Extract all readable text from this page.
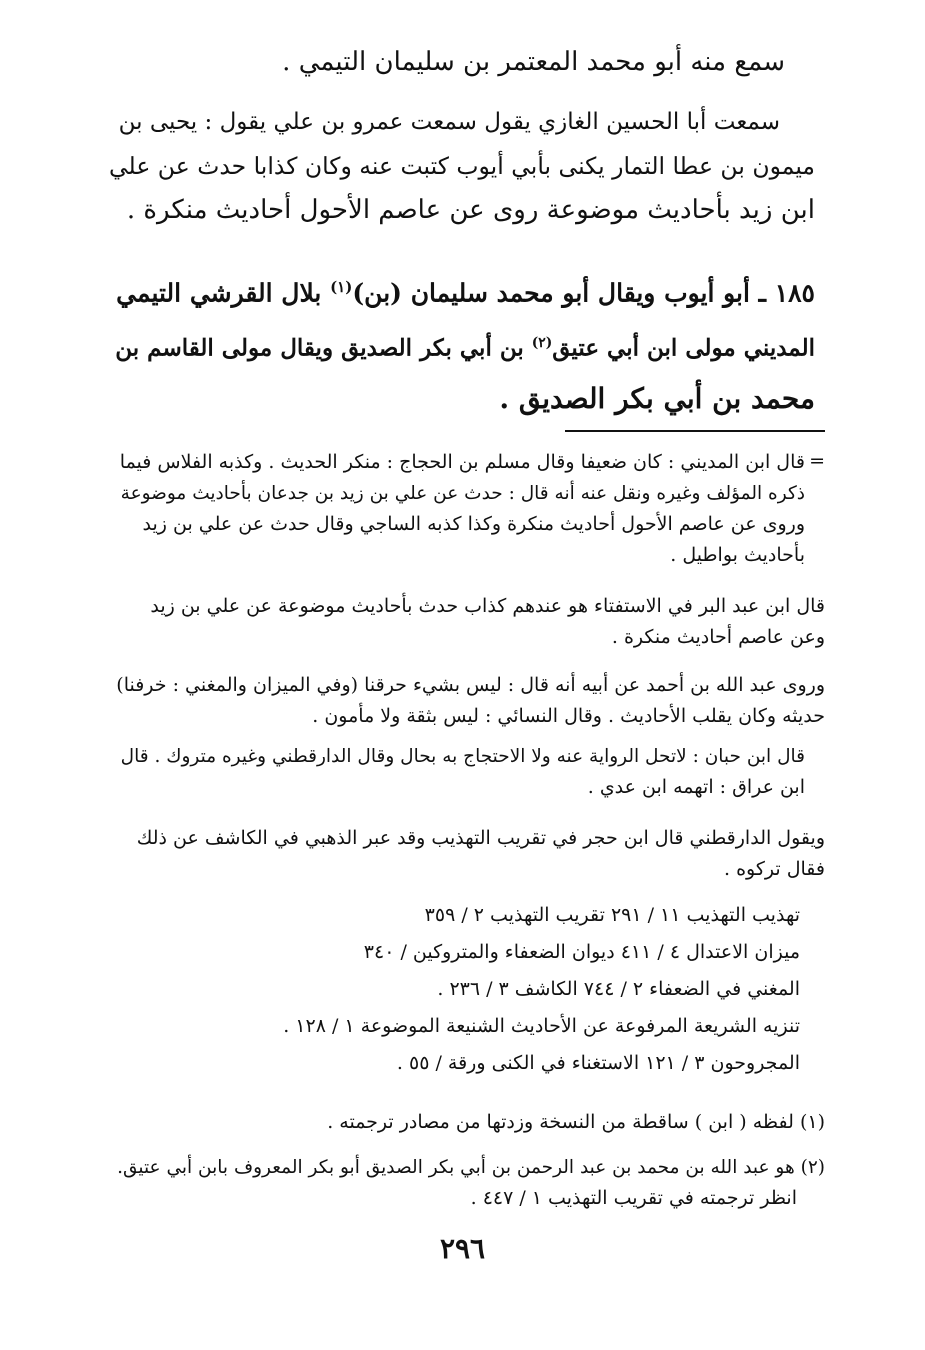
سمع منه أبو محمد المعتمر بن سليمان التيمي .
سمعت أبا الحسين الغازي يقول سمعت عمرو بن علي يقول : يحيى بن
ميمون بن عطا التمار يكنى بأبي أيوب كتبت عنه وكان كذابا حدث عن علي
ابن زيد بأحاديث موضوعة روى عن عاصم الأحول أحاديث منكرة .
١٨٥ ـ أبو أيوب ويقال أبو محمد سليمان (بن)$^{(١)}$ بلال القرشي التيمي
المديني مولى ابن أبي عتيق$^{(٢)}$ بن أبي بكر الصديق ويقال مولى القاسم بن
محمد بن أبي بكر الصديق .
=
قال ابن المديني : كان ضعيفا وقال مسلم بن الحجاج : منكر الحديث . وكذبه الفلاس فيما
ذكره المؤلف وغيره ونقل عنه أنه قال : حدث عن علي بن زيد بن جدعان بأحاديث موضوعة
وروى عن عاصم الأحول أحاديث منكرة وكذا كذبه الساجي وقال حدث عن علي بن زيد
بأحاديث بواطيل .
قال ابن عبد البر في الاستفتاء هو عندهم كذاب حدث بأحاديث موضوعة عن علي بن زيد
وعن عاصم أحاديث منكرة .
وروى عبد الله بن أحمد عن أبيه أنه قال : ليس بشيء حرقنا (وفي الميزان والمغني : خرفنا)
حديثه وكان يقلب الأحاديث . وقال النسائي : ليس بثقة ولا مأمون .
قال ابن حبان : لاتحل الرواية عنه ولا الاحتجاج به بحال وقال الدارقطني وغيره متروك . قال
ابن عراق : اتهمه ابن عدي .
ويقول الدارقطني قال ابن حجر في تقريب التهذيب وقد عبر الذهبي في الكاشف عن ذلك
فقال تركوه .
تهذيب التهذيب ١١ / ٢٩١ تقريب التهذيب ٢ / ٣٥٩
ميزان الاعتدال ٤ / ٤١١ ديوان الضعفاء والمتروكين / ٣٤٠
المغني في الضعفاء ٢ / ٧٤٤ الكاشف ٣ / ٢٣٦ .
تنزيه الشريعة المرفوعة عن الأحاديث الشنيعة الموضوعة ١ / ١٢٨ .
المجروحون ٣ / ١٢١ الاستغناء في الكنى ورقة / ٥٥ .
(١) لفظه ( ابن ) ساقطة من النسخة وزدتها من مصادر ترجمته .
(٢) هو عبد الله بن محمد بن عبد الرحمن بن أبي بكر الصديق أبو بكر المعروف بابن أبي عتيق.
انظر ترجمته في تقريب التهذيب ١ / ٤٤٧ .
٢٩٦
